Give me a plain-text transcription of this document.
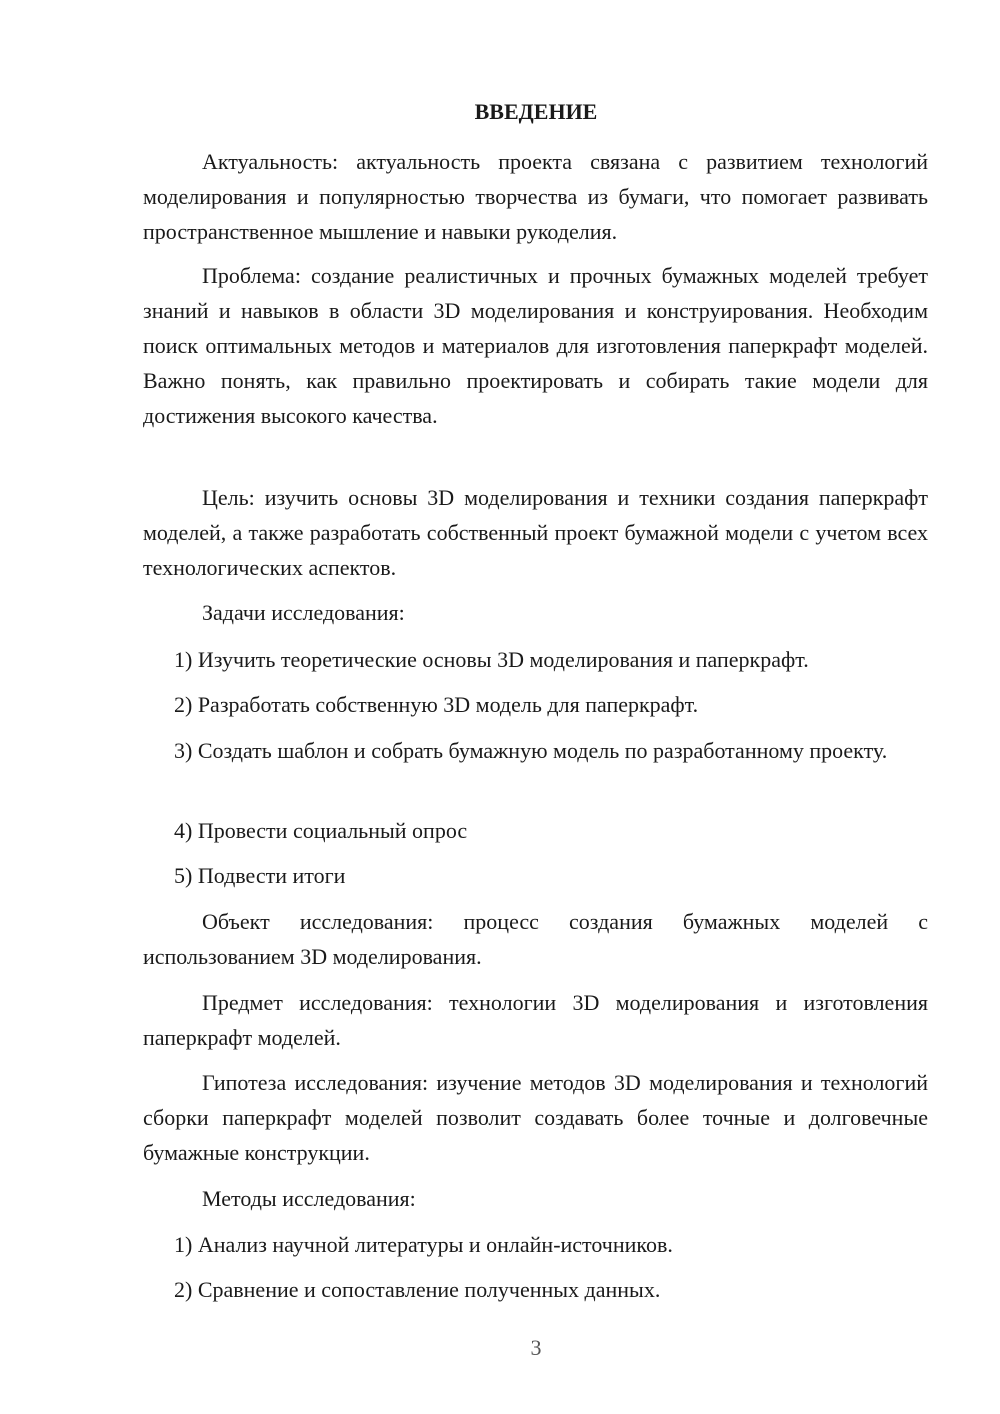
ВВЕДЕНИЕ

Актуальность: актуальность проекта связана с развитием технологий моделирования и популярностью творчества из бумаги, что помогает развивать пространственное мышление и навыки рукоделия.

Проблема: создание реалистичных и прочных бумажных моделей требует знаний и навыков в области 3D моделирования и конструирования. Необходим поиск оптимальных методов и материалов для изготовления паперкрафт моделей. Важно понять, как правильно проектировать и собирать такие модели для достижения высокого качества.

Цель: изучить основы 3D моделирования и техники создания паперкрафт моделей, а также разработать собственный проект бумажной модели с учетом всех технологических аспектов.

Задачи исследования:

1) Изучить теоретические основы 3D моделирования и паперкрафт.

2) Разработать собственную 3D модель для паперкрафт.

3) Создать шаблон и собрать бумажную модель по разработанному проекту.

4) Провести социальный опрос

5) Подвести итоги

Объект исследования: процесс создания бумажных моделей с использованием 3D моделирования.

Предмет исследования: технологии 3D моделирования и изготовления паперкрафт моделей.

Гипотеза исследования: изучение методов 3D моделирования и технологий сборки паперкрафт моделей позволит создавать более точные и долговечные бумажные конструкции.

Методы исследования:

1) Анализ научной литературы и онлайн-источников.

2) Сравнение и сопоставление полученных данных.

3
